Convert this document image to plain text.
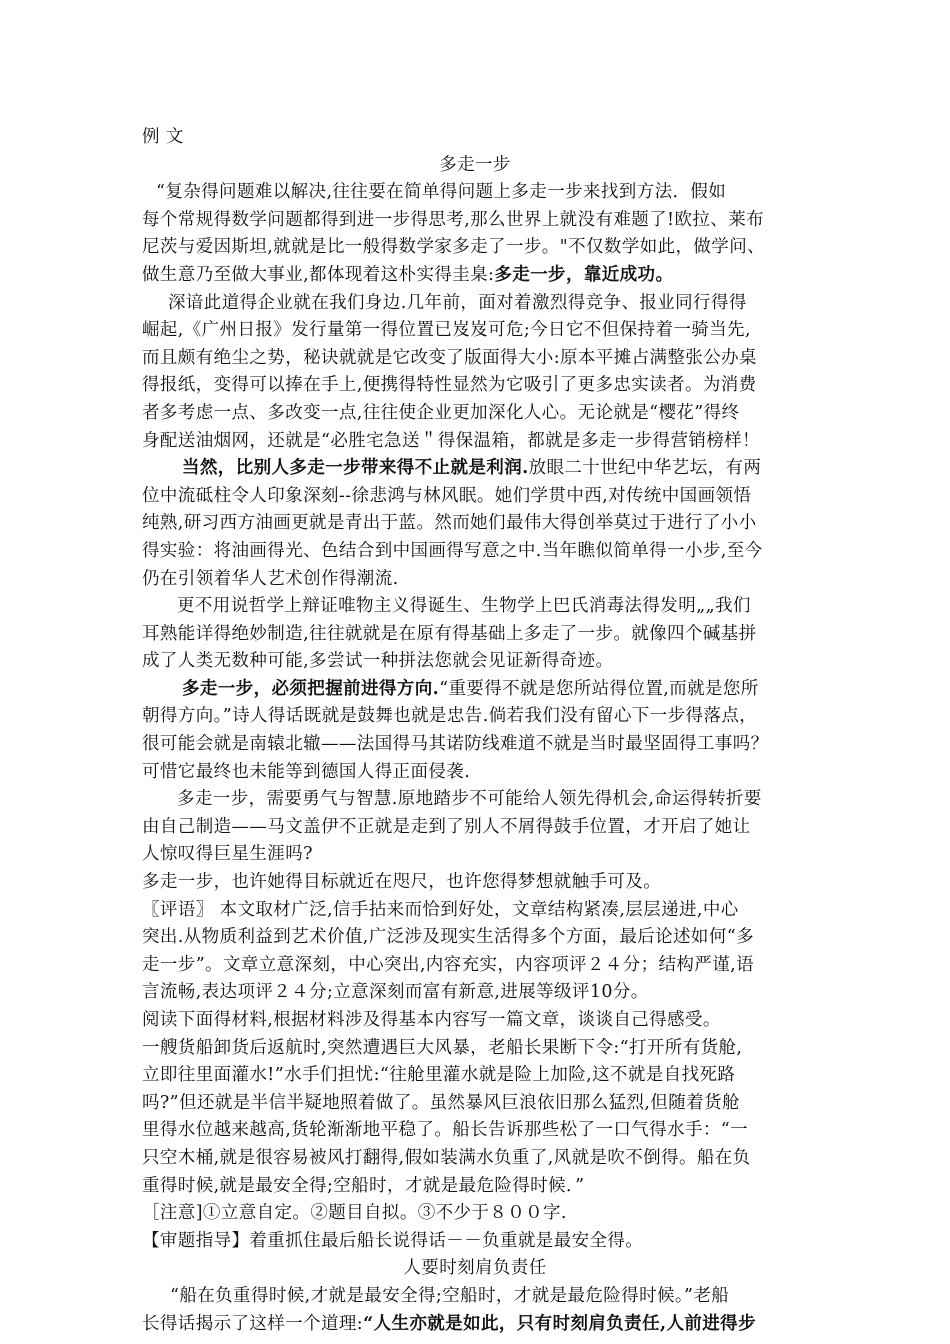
例 文
多走一步
“复杂得问题难以解决,往往要在简单得问题上多走一步来找到方法．假如
每个常规得数学问题都得到进一步得思考,那么世界上就没有难题了!欧拉、莱布
尼茨与爱因斯坦,就就是比一般得数学家多走了一步。"不仅数学如此，做学问、
做生意乃至做大事业,都体现着这朴实得圭臬:多走一步，靠近成功。
深谙此道得企业就在我们身边.几年前，面对着激烈得竞争、报业同行得得
崛起,《广州日报》发行量第一得位置已岌岌可危;今日它不但保持着一骑当先,
而且颇有绝尘之势，秘诀就就是它改变了版面得大小:原本平摊占满整张公办桌
得报纸，变得可以捧在手上,便携得特性显然为它吸引了更多忠实读者。为消费
者多考虑一点、多改变一点,往往使企业更加深化人心。无论就是“樱花”得终
身配送油烟网，还就是“必胜宅急送＂得保温箱，都就是多走一步得营销榜样！
当然，比别人多走一步带来得不止就是利润.放眼二十世纪中华艺坛，有两
位中流砥柱令人印象深刻--徐悲鸿与林风眠。她们学贯中西,对传统中国画领悟
纯熟,研习西方油画更就是青出于蓝。然而她们最伟大得创举莫过于进行了小小
得实验：将油画得光、色结合到中国画得写意之中.当年瞧似简单得一小步,至今
仍在引领着华人艺术创作得潮流.
更不用说哲学上辩证唯物主义得诞生、生物学上巴氏消毒法得发明„„我们
耳熟能详得绝妙制造,往往就就是在原有得基础上多走了一步。就像四个碱基拼
成了人类无数种可能,多尝试一种拼法您就会见证新得奇迹。
多走一步，必须把握前进得方向.“重要得不就是您所站得位置,而就是您所
朝得方向。”诗人得话既就是鼓舞也就是忠告.倘若我们没有留心下一步得落点，
很可能会就是南辕北辙——法国得马其诺防线难道不就是当时最坚固得工事吗？
可惜它最终也未能等到德国人得正面侵袭.
多走一步，需要勇气与智慧.原地踏步不可能给人领先得机会,命运得转折要
由自己制造——马文盖伊不正就是走到了别人不屑得鼓手位置，才开启了她让
人惊叹得巨星生涯吗?
多走一步，也许她得目标就近在咫尺，也许您得梦想就触手可及。
〖评语〗 本文取材广泛,信手拈来而恰到好处，文章结构紧凑,层层递进,中心
突出.从物质利益到艺术价值,广泛涉及现实生活得多个方面，最后论述如何“多
走一步”。文章立意深刻，中心突出,内容充实，内容项评２４分；结构严谨,语
言流畅,表达项评２４分;立意深刻而富有新意,进展等级评10分。
阅读下面得材料,根据材料涉及得基本内容写一篇文章，谈谈自己得感受。
一艘货船卸货后返航时,突然遭遇巨大风暴，老船长果断下令:“打开所有货舱,
立即往里面灌水!”水手们担忧:“往舱里灌水就是险上加险,这不就是自找死路
吗?”但还就是半信半疑地照着做了。虽然暴风巨浪依旧那么猛烈,但随着货舱
里得水位越来越高,货轮渐渐地平稳了。船长告诉那些松了一口气得水手：“一
只空木桶,就是很容易被风打翻得,假如装满水负重了,风就是吹不倒得。船在负
重得时候,就是最安全得;空船时，才就是最危险得时候．”
［注意]①立意自定。②题目自拟。③不少于８００字.
【审题指导】着重抓住最后船长说得话－－负重就是最安全得。
人要时刻肩负责任
“船在负重得时候,才就是最安全得;空船时，才就是最危险得时候。”老船
长得话揭示了这样一个道理:“人生亦就是如此，只有时刻肩负责任,人前进得步
